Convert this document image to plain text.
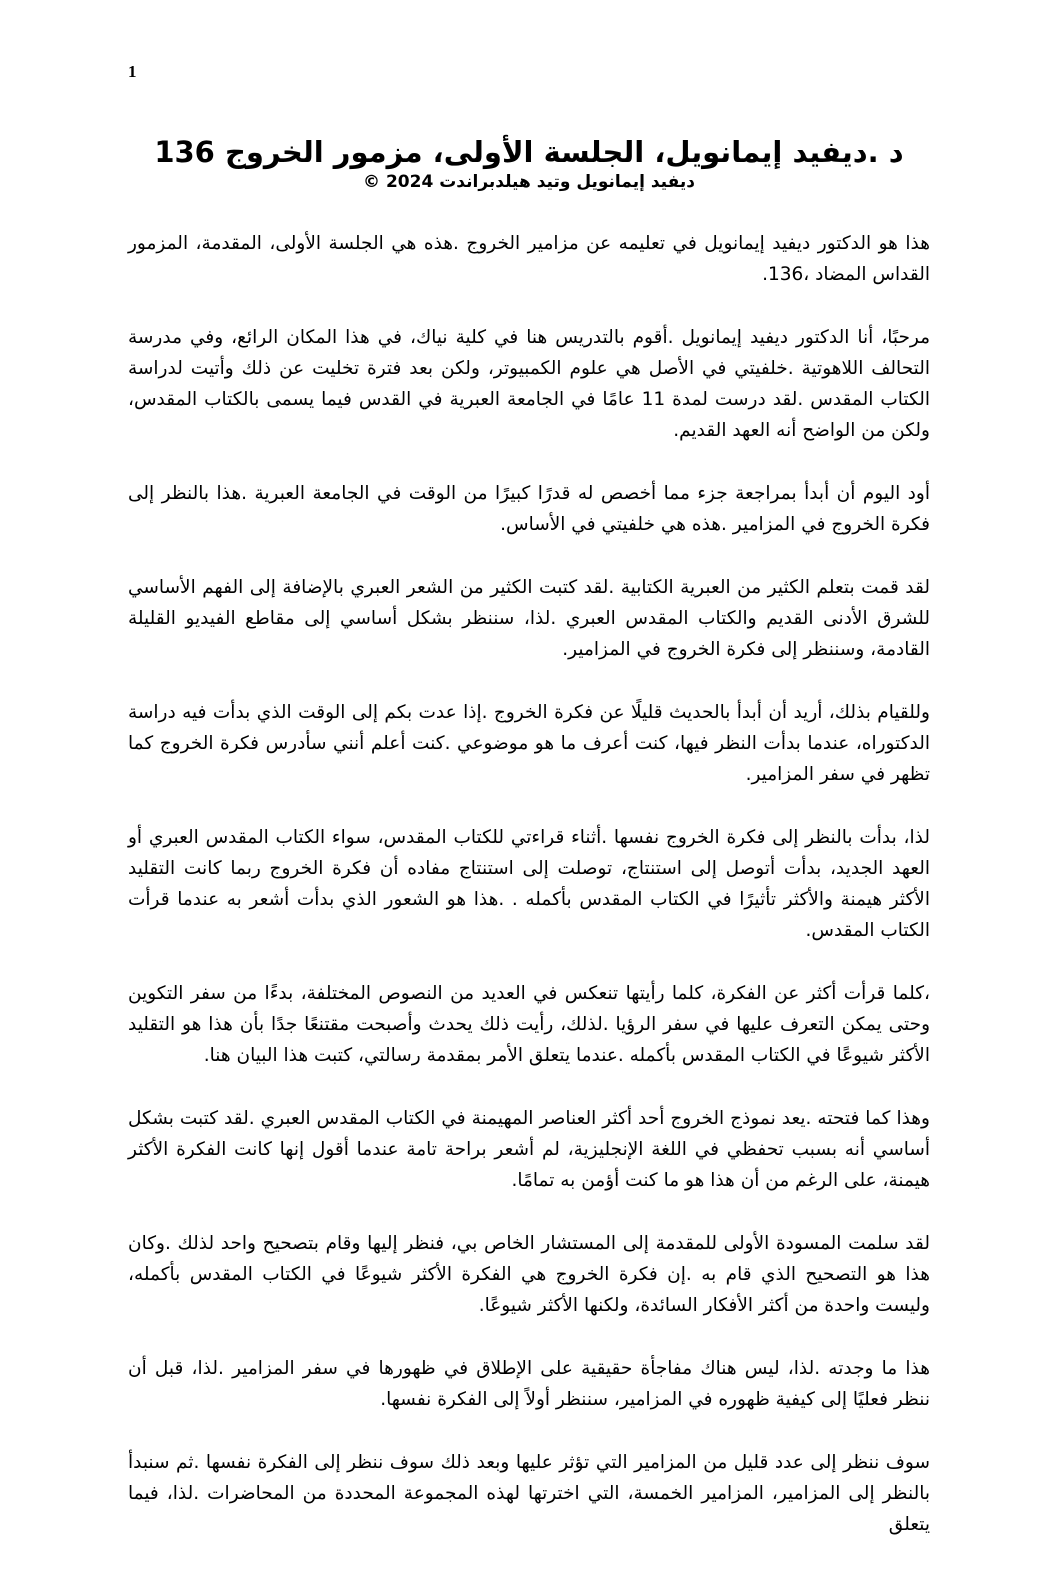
1

د .ديفيد إيمانويل، الجلسة الأولى، مزمور الخروج 136

ديفيد إيمانويل وتيد هيلدبراندت 2024 ©

هذا هو الدكتور ديفيد إيمانويل في تعليمه عن مزامير الخروج .هذه هي الجلسة الأولى، المقدمة، المزمور القداس المضاد ،136.

مرحبًا، أنا الدكتور ديفيد إيمانويل .أقوم بالتدريس هنا في كلية نياك، في هذا المكان الرائع، وفي مدرسة التحالف اللاهوتية .خلفيتي في الأصل هي علوم الكمبيوتر، ولكن بعد فترة تخليت عن ذلك وأتيت لدراسة الكتاب المقدس .لقد درست لمدة 11 عامًا في الجامعة العبرية في القدس فيما يسمى بالكتاب المقدس، ولكن من الواضح أنه العهد القديم.

أود اليوم أن أبدأ بمراجعة جزء مما أخصص له قدرًا كبيرًا من الوقت في الجامعة العبرية .هذا بالنظر إلى فكرة الخروج في المزامير .هذه هي خلفيتي في الأساس.

لقد قمت بتعلم الكثير من العبرية الكتابية .لقد كتبت الكثير من الشعر العبري بالإضافة إلى الفهم الأساسي للشرق الأدنى القديم والكتاب المقدس العبري .لذا، سننظر بشكل أساسي إلى مقاطع الفيديو القليلة القادمة، وسننظر إلى فكرة الخروج في المزامير.

وللقيام بذلك، أريد أن أبدأ بالحديث قليلًا عن فكرة الخروج .إذا عدت بكم إلى الوقت الذي بدأت فيه دراسة الدكتوراه، عندما بدأت النظر فيها، كنت أعرف ما هو موضوعي .كنت أعلم أنني سأدرس فكرة الخروج كما تظهر في سفر المزامير.

لذا، بدأت بالنظر إلى فكرة الخروج نفسها .أثناء قراءتي للكتاب المقدس، سواء الكتاب المقدس العبري أو العهد الجديد، بدأت أتوصل إلى استنتاج، توصلت إلى استنتاج مفاده أن فكرة الخروج ربما كانت التقليد الأكثر هيمنة والأكثر تأثيرًا في الكتاب المقدس بأكمله . .هذا هو الشعور الذي بدأت أشعر به عندما قرأت الكتاب المقدس.

،كلما قرأت أكثر عن الفكرة، كلما رأيتها تنعكس في العديد من النصوص المختلفة، بدءًا من سفر التكوين وحتى يمكن التعرف عليها في سفر الرؤيا .لذلك، رأيت ذلك يحدث وأصبحت مقتنعًا جدًا بأن هذا هو التقليد الأكثر شيوعًا في الكتاب المقدس بأكمله .عندما يتعلق الأمر بمقدمة رسالتي، كتبت هذا البيان هنا.

وهذا كما فتحته .يعد نموذج الخروج أحد أكثر العناصر المهيمنة في الكتاب المقدس العبري .لقد كتبت بشكل أساسي أنه بسبب تحفظي في اللغة الإنجليزية، لم أشعر براحة تامة عندما أقول إنها كانت الفكرة الأكثر هيمنة، على الرغم من أن هذا هو ما كنت أؤمن به تمامًا.

لقد سلمت المسودة الأولى للمقدمة إلى المستشار الخاص بي، فنظر إليها وقام بتصحيح واحد لذلك .وكان هذا هو التصحيح الذي قام به .إن فكرة الخروج هي الفكرة الأكثر شيوعًا في الكتاب المقدس بأكمله، وليست واحدة من أكثر الأفكار السائدة، ولكنها الأكثر شيوعًا.

هذا ما وجدته .لذا، ليس هناك مفاجأة حقيقية على الإطلاق في ظهورها في سفر المزامير .لذا، قبل أن ننظر فعليًا إلى كيفية ظهوره في المزامير، سننظر أولاً إلى الفكرة نفسها.

سوف ننظر إلى عدد قليل من المزامير التي تؤثر عليها وبعد ذلك سوف ننظر إلى الفكرة نفسها .ثم سنبدأ بالنظر إلى المزامير، المزامير الخمسة، التي اخترتها لهذه المجموعة المحددة من المحاضرات .لذا، فيما يتعلق
